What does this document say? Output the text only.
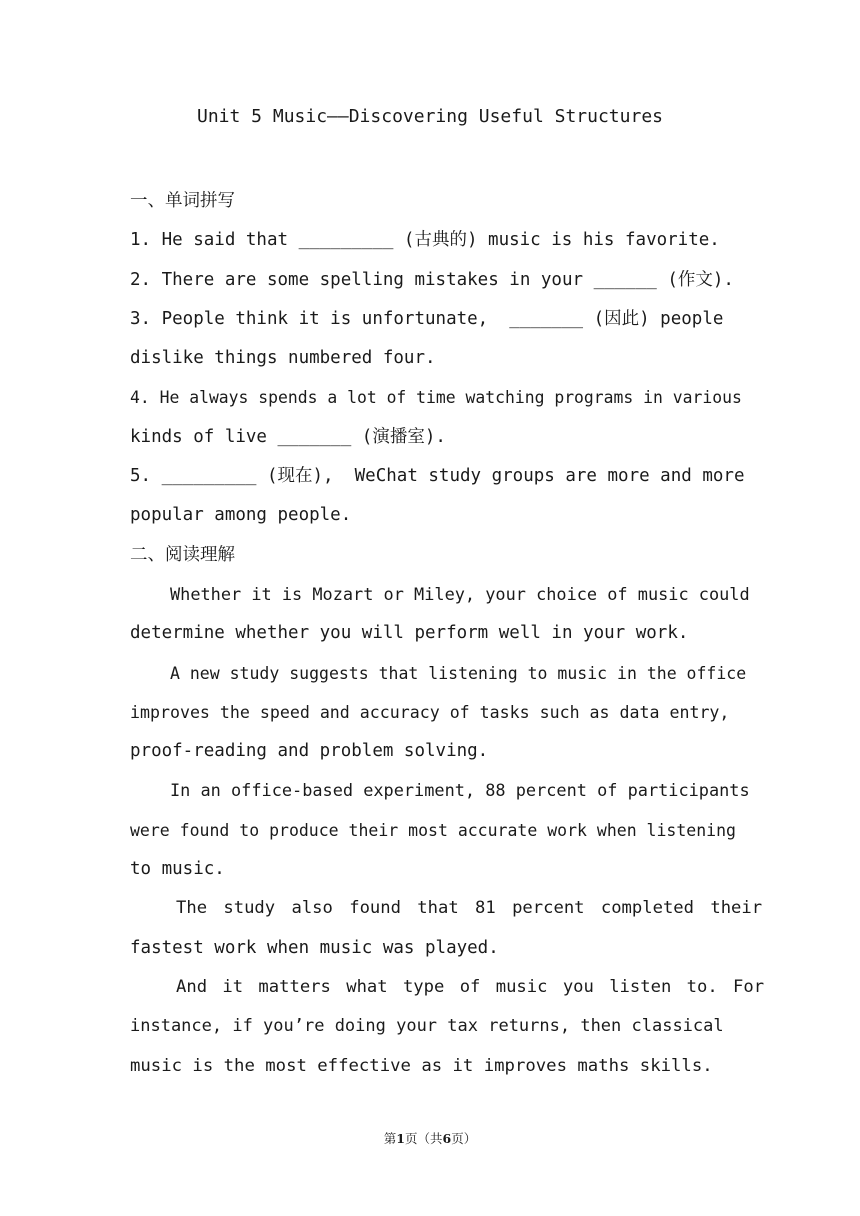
Unit 5 Music——Discovering Useful Structures
一、单词拼写
1. He said that _________ (古典的) music is his favorite.
2. There are some spelling mistakes in your ______ (作文).
3. People think it is unfortunate,  _______ (因此) people
dislike things numbered four.
4. He always spends a lot of time watching programs in various
kinds of live _______ (演播室).
5. _________ (现在),  WeChat study groups are more and more
popular among people.
二、阅读理解
Whether it is Mozart or Miley, your choice of music could
determine whether you will perform well in your work.
A new study suggests that listening to music in the office
improves the speed and accuracy of tasks such as data entry,
proof-reading and problem solving.
In an office-based experiment, 88 percent of participants
were found to produce their most accurate work when listening
to music.
The study also found that 81 percent completed their
fastest work when music was played.
And it matters what type of music you listen to. For
instance, if you’re doing your tax returns, then classical
music is the most effective as it improves maths skills.
第1页（共6页）
